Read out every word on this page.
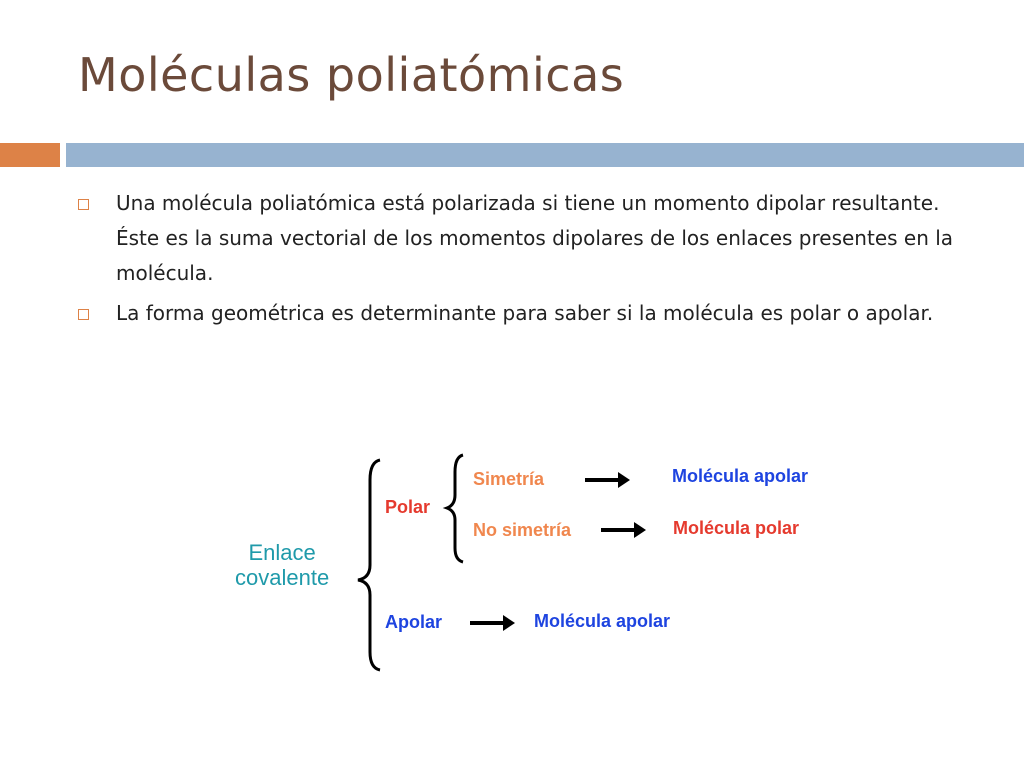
Moléculas poliatómicas
Una molécula poliatómica está polarizada si tiene un momento dipolar resultante. Éste es la suma vectorial de los momentos dipolares de los enlaces presentes en la molécula.
La forma geométrica es determinante para saber si la molécula es polar o apolar.
Enlace
covalente
Polar
Simetría	Molécula apolar
No simetría	Molécula polar
Apolar	Molécula apolar
